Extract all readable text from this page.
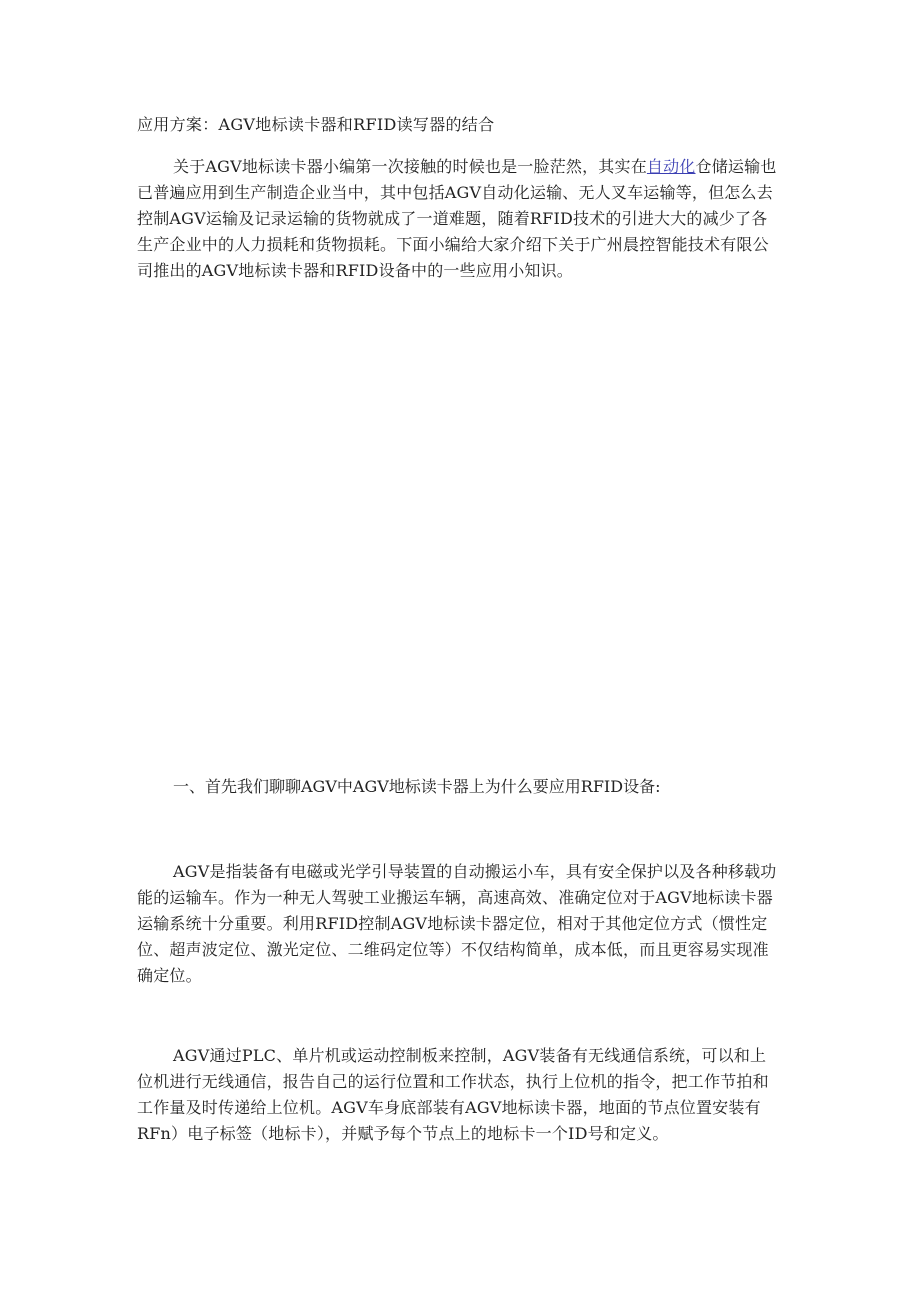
应用方案：AGV地标读卡器和RFID读写器的结合

关于AGV地标读卡器小编第一次接触的时候也是一脸茫然，其实在自动化仓储运输也已普遍应用到生产制造企业当中，其中包括AGV自动化运输、无人叉车运输等，但怎么去控制AGV运输及记录运输的货物就成了一道难题，随着RFID技术的引进大大的减少了各生产企业中的人力损耗和货物损耗。下面小编给大家介绍下关于广州晨控智能技术有限公司推出的AGV地标读卡器和RFID设备中的一些应用小知识。

一、首先我们聊聊AGV中AGV地标读卡器上为什么要应用RFID设备:

AGV是指装备有电磁或光学引导装置的自动搬运小车，具有安全保护以及各种移载功能的运输车。作为一种无人驾驶工业搬运车辆，高速高效、准确定位对于AGV地标读卡器运输系统十分重要。利用RFID控制AGV地标读卡器定位，相对于其他定位方式（惯性定位、超声波定位、激光定位、二维码定位等）不仅结构简单，成本低，而且更容易实现准确定位。

AGV通过PLC、单片机或运动控制板来控制，AGV装备有无线通信系统，可以和上位机进行无线通信，报告自己的运行位置和工作状态，执行上位机的指令，把工作节拍和工作量及时传递给上位机。AGV车身底部装有AGV地标读卡器，地面的节点位置安装有RFn）电子标签（地标卡），并赋予每个节点上的地标卡一个ID号和定义。
